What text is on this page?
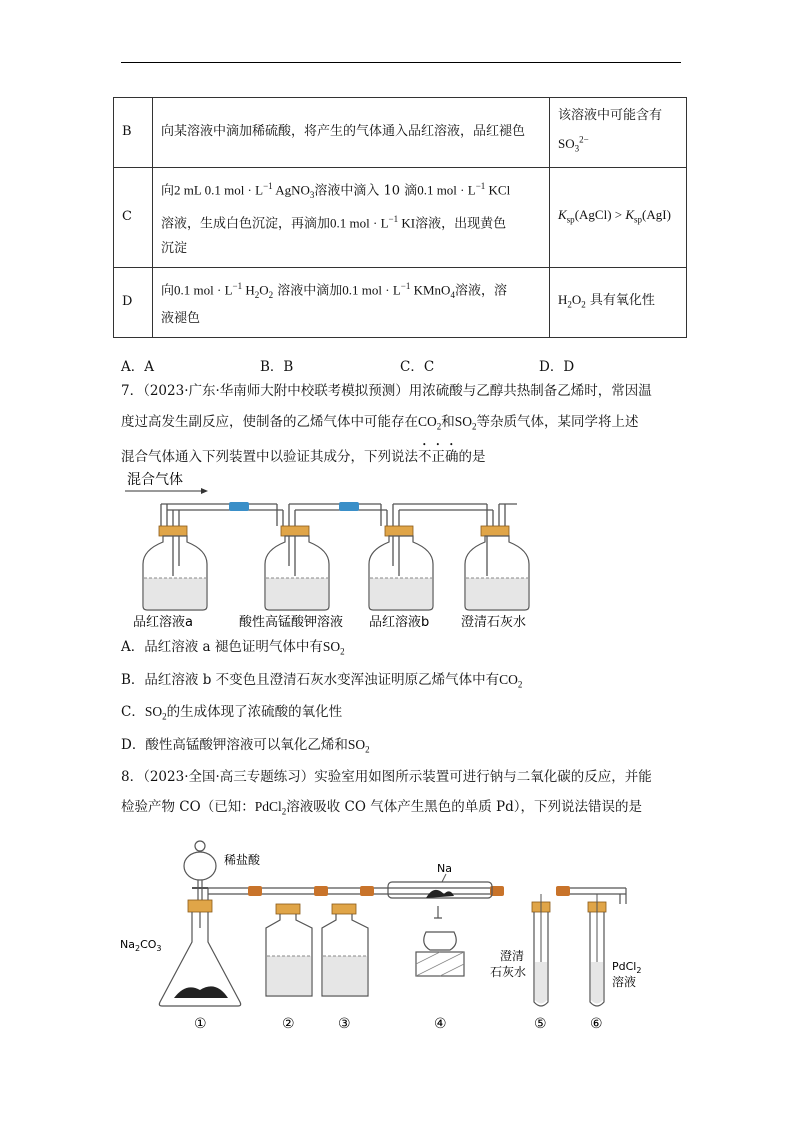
B	向某溶液中滴加稀硫酸，将产生的气体通入品红溶液，品红褪色	该溶液中可能含有
$SO_3^{2-}$
C	向2 mL 0.1 mol · $L^{-1}$ AgNO$_3$溶液中滴入 10 滴0.1 mol · $L^{-1}$ KCl
溶液，生成白色沉淀，再滴加0.1 mol · $L^{-1}$ KI溶液，出现黄色
沉淀	$K_{sp}(AgCl) > K_{sp}(AgI)$
D	向0.1 mol · $L^{-1}$ $H_2O_2$ 溶液中滴加0.1 mol · $L^{-1}$ KMnO$_4$溶液，溶
液褪色	$H_2O_2$ 具有氧化性
A．A	B．B	C．C	D．D
7．（2023·广东·华南师大附中校联考模拟预测）用浓硫酸与乙醇共热制备乙烯时，常因温
度过高发生副反应，使制备的乙烯气体中可能存在$CO_2$和$SO_2$等杂质气体，某同学将上述
混合气体通入下列装置中以验证其成分，下列说法不正确的是
混合气体
品红溶液a	酸性高锰酸钾溶液 品红溶液b 澄清石灰水
A．品红溶液 a 褪色证明气体中有$SO_2$
B．品红溶液 b 不变色且澄清石灰水变浑浊证明原乙烯气体中有$CO_2$
C．$SO_2$的生成体现了浓硫酸的氧化性
D．酸性高锰酸钾溶液可以氧化乙烯和$SO_2$
8．（2023·全国·高三专题练习）实验室用如图所示装置可进行钠与二氧化碳的反应，并能
检验产物 CO（已知：PdCl$_2$溶液吸收 CO 气体产生黑色的单质 Pd），下列说法错误的是
稀盐酸
$Na_2CO_3$
Na
澄清
石灰水	PdCl$_2$
溶液
①	②	③	④	⑤	⑥
